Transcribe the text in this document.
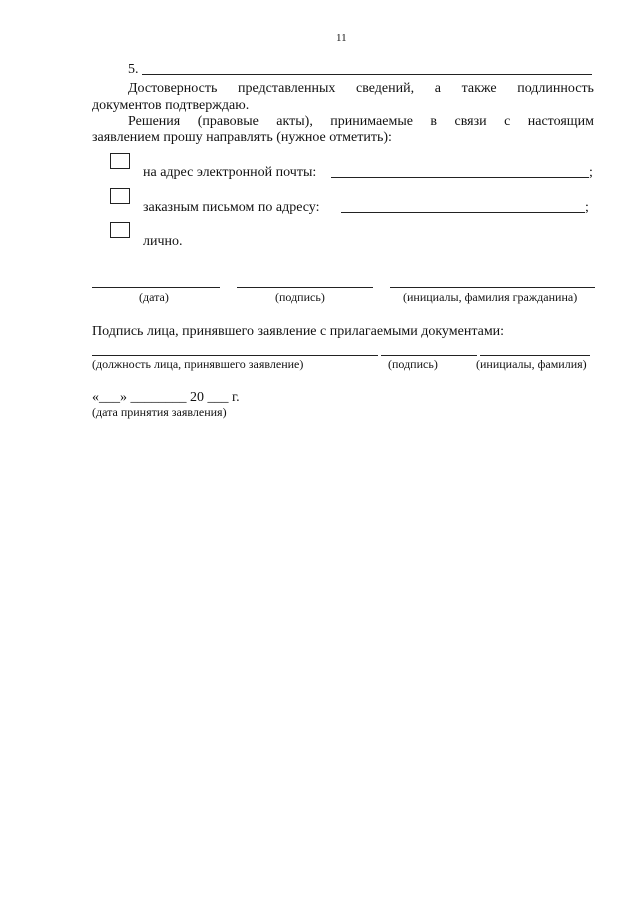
11
5.
Достоверность представленных сведений, а также подлинность
документов подтверждаю.
Решения (правовые акты), принимаемые в связи с настоящим
заявлением прошу направлять (нужное отметить):
на адрес электронной почты:	;
заказным письмом по адресу:	;
лично.
(дата)	(подпись)	(инициалы, фамилия гражданина)
Подпись лица, принявшего заявление с прилагаемыми документами:
(должность лица, принявшего заявление)	(подпись)	(инициалы, фамилия)
«___» ________ 20 ___ г.
(дата принятия заявления)
